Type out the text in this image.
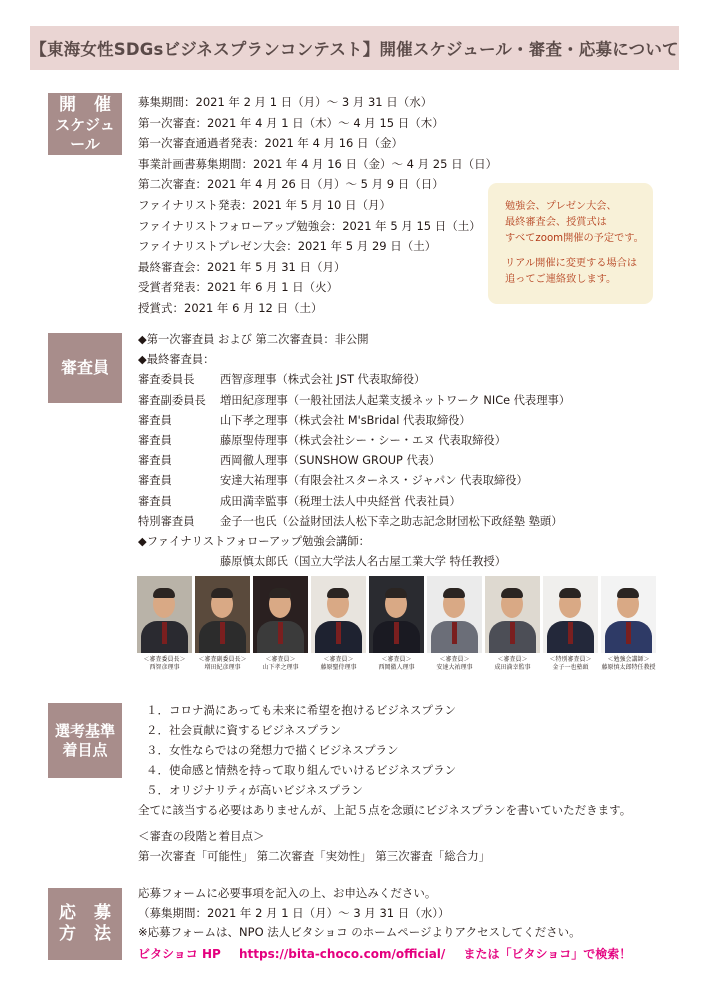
【東海女性SDGsビジネスプランコンテスト】開催スケジュール・審査・応募について
開 催
スケジュール
募集期間：2021 年 2 月 1 日（月）～ 3 月 31 日（水）
第一次審査：2021 年 4 月 1 日（木）～ 4 月 15 日（木）
第一次審査通過者発表：2021 年 4 月 16 日（金）
事業計画書募集期間：2021 年 4 月 16 日（金）～ 4 月 25 日（日）
第二次審査：2021 年 4 月 26 日（月）～ 5 月 9 日（日）
ファイナリスト発表：2021 年 5 月 10 日（月）
ファイナリストフォローアップ勉強会：2021 年 5 月 15 日（土）
ファイナリストプレゼン大会：2021 年 5 月 29 日（土）
最終審査会：2021 年 5 月 31 日（月）
受賞者発表：2021 年 6 月 1 日（火）
授賞式：2021 年 6 月 12 日（土）
勉強会、プレゼン大会、
最終審査会、授賞式は
すべてzoom開催の予定です。
リアル開催に変更する場合は
追ってご連絡致します。
審査員
◆第一次審査員 および 第二次審査員：非公開
◆最終審査員：
審査委員長	西智彦理事（株式会社 JST 代表取締役）
審査副委員長	増田紀彦理事（一般社団法人起業支援ネットワーク NICe 代表理事）
審査員	山下孝之理事（株式会社 M'sBridal 代表取締役）
審査員	藤原聖侍理事（株式会社シー・シー・エヌ 代表取締役）
審査員	西岡徹人理事（SUNSHOW GROUP 代表）
審査員	安達大祐理事（有限会社スターネス・ジャパン 代表取締役）
審査員	成田満幸監事（税理士法人中央経営 代表社員）
特別審査員	金子一也氏（公益財団法人松下幸之助志記念財団松下政経塾 塾頭）
◆ファイナリストフォローアップ勉強会講師：
藤原慎太郎氏（国立大学法人名古屋工業大学 特任教授）
＜審査委員長＞
西智彦理事
＜審査副委員長＞
増田紀彦理事
＜審査員＞
山下孝之理事
＜審査員＞
藤原聖侍理事
＜審査員＞
西岡徹人理事
＜審査員＞
安達大祐理事
＜審査員＞
成田満幸監事
＜特別審査員＞
金子一也塾頭
＜勉強会講師＞
藤原慎太郎特任教授
選考基準
着目点
１．コロナ渦にあっても未来に希望を抱けるビジネスプラン
２．社会貢献に資するビジネスプラン
３．女性ならではの発想力で描くビジネスプラン
４．使命感と情熱を持って取り組んでいけるビジネスプラン
５．オリジナリティが高いビジネスプラン
全てに該当する必要はありませんが、上記５点を念頭にビジネスプランを書いていただきます。
＜審査の段階と着目点＞
第一次審査「可能性」 第二次審査「実効性」 第三次審査「総合力」
応 募
方 法
応募フォームに必要事項を記入の上、お申込みください。
（募集期間：2021 年 2 月 1 日（月）～ 3 月 31 日（水））
※応募フォームは、NPO 法人ビタショコ のホームページよりアクセスしてください。
ビタショコ HP https://bita-choco.com/official/ または「ビタショコ」で検索！
